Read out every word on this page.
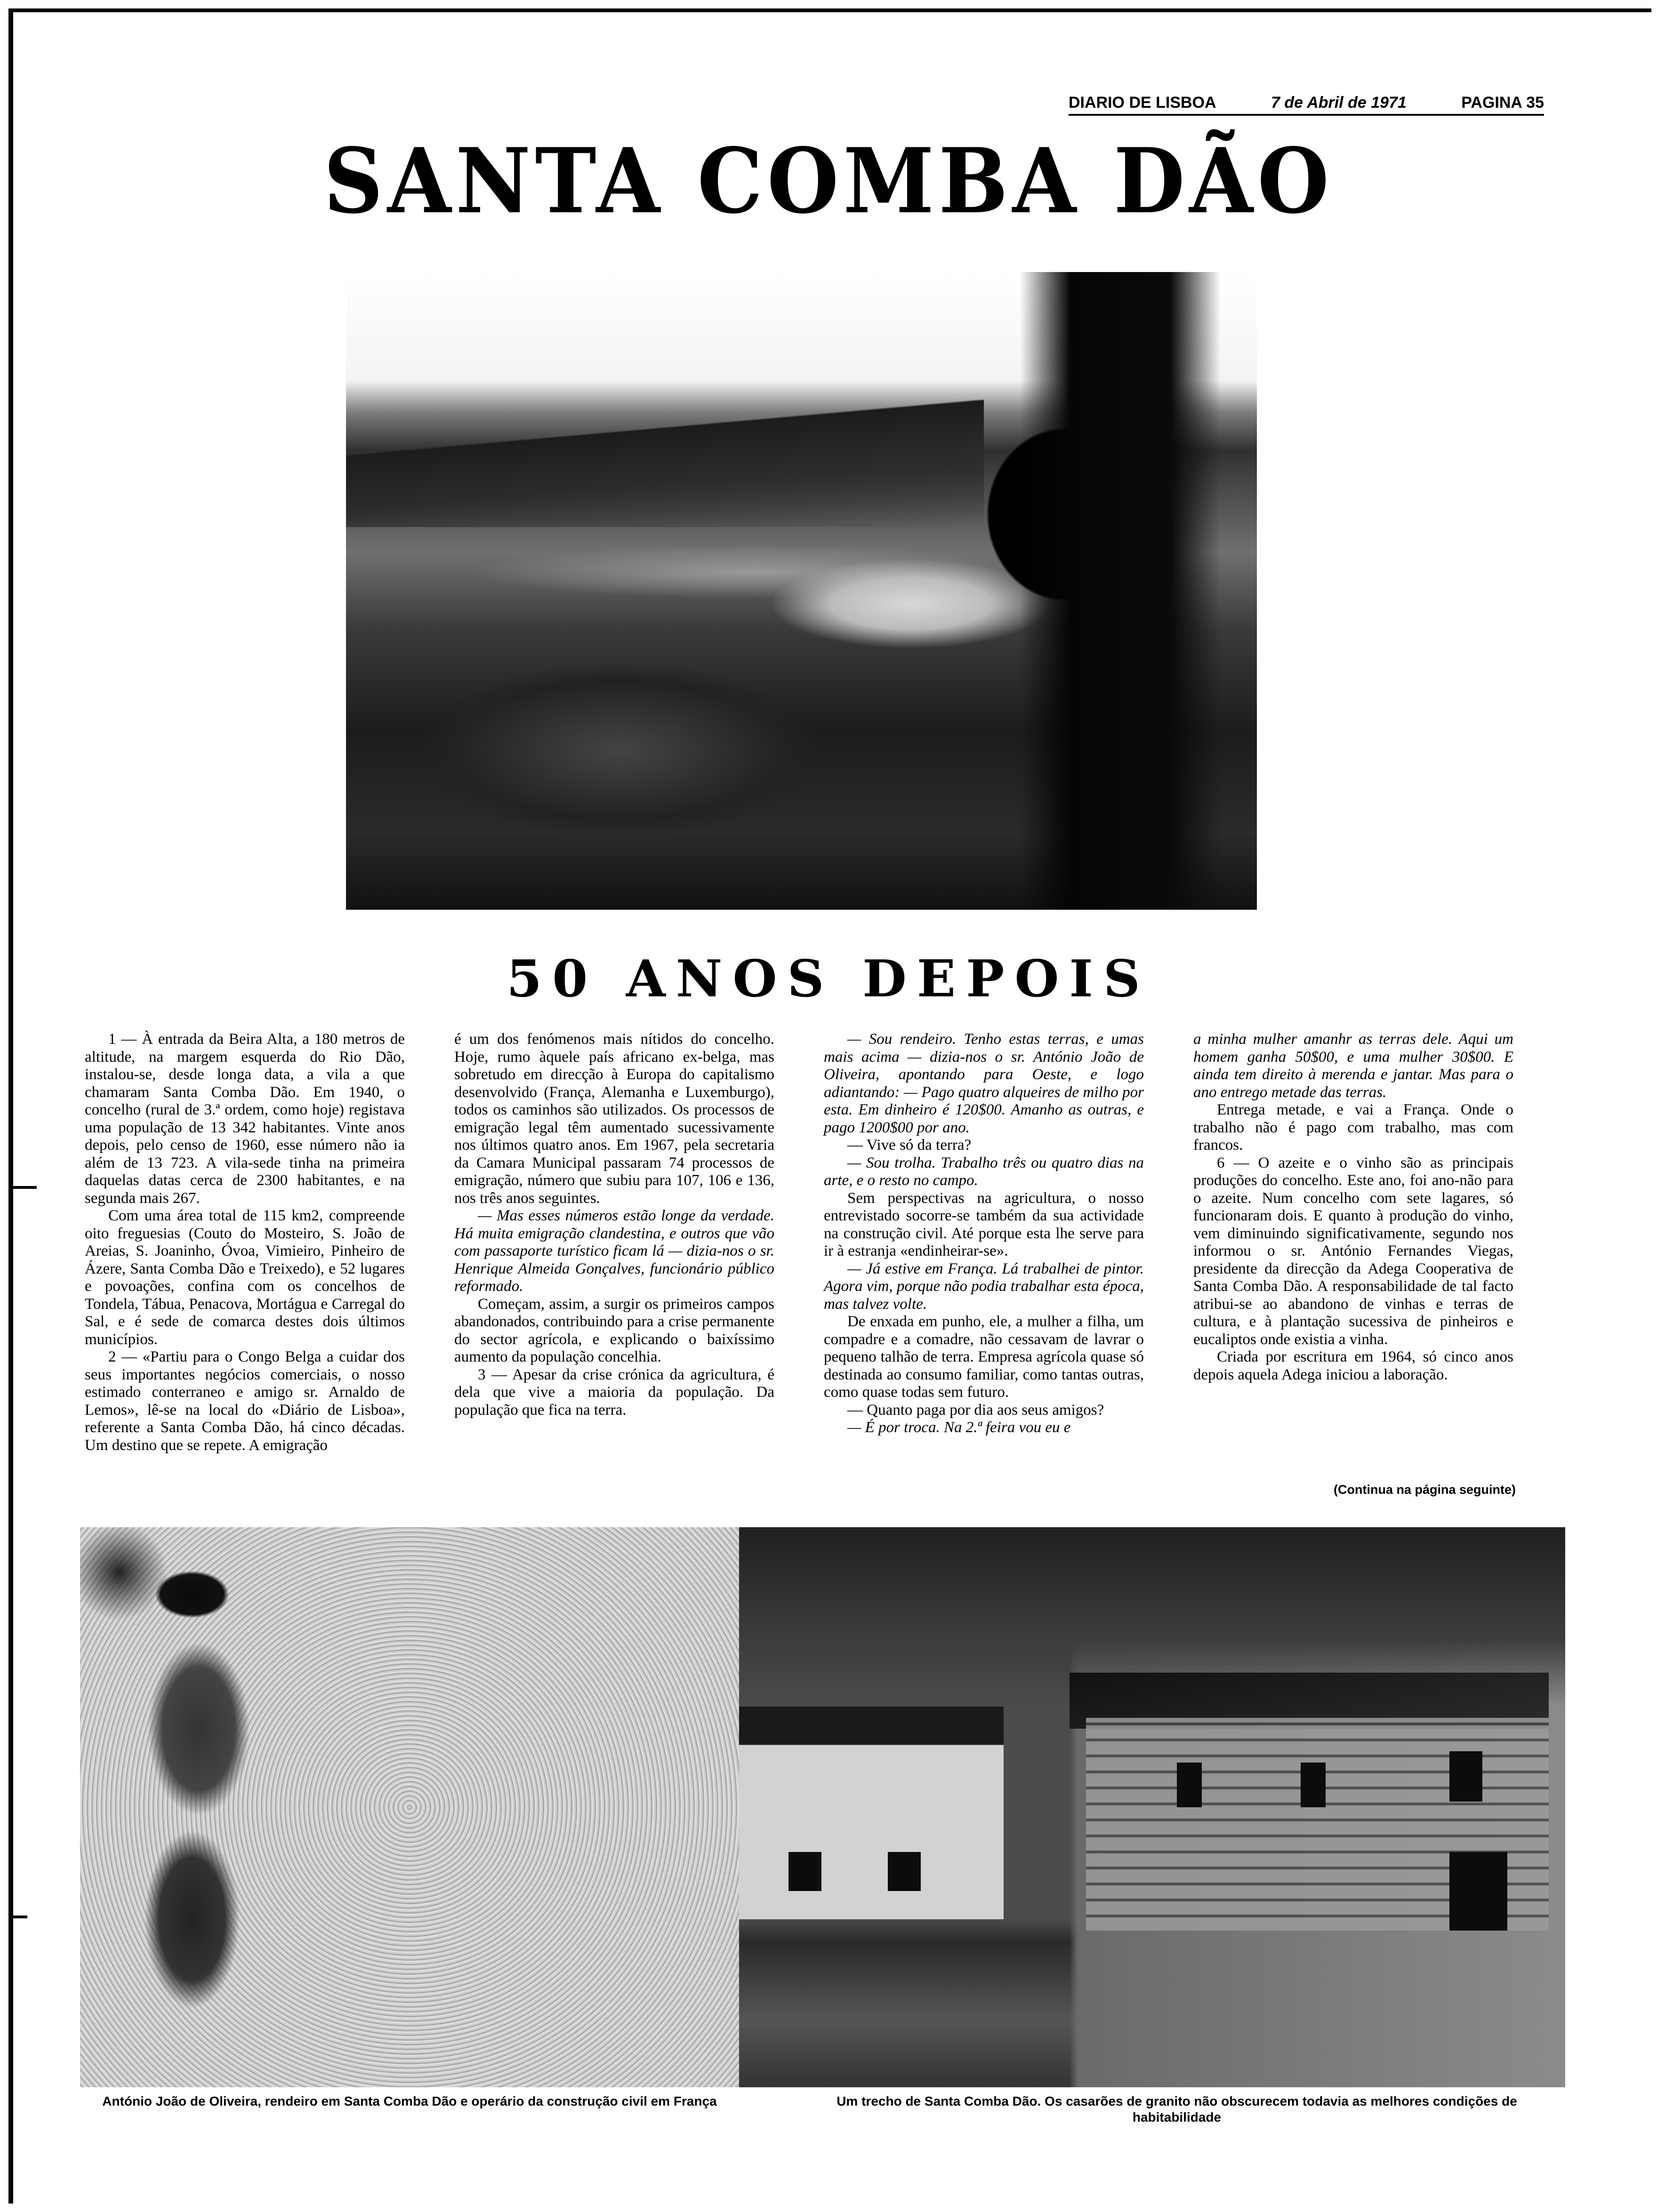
DIARIO DE LISBOA	7 de Abril de 1971	PAGINA 35
SANTA COMBA DÃO
50 ANOS DEPOIS

1 — À entrada da Beira Alta, a 180 metros de altitude, na margem esquerda do Rio Dão, instalou-se, desde longa data, a vila a que chamaram Santa Comba Dão. Em 1940, o concelho (rural de 3.ª ordem, como hoje) registava uma população de 13 342 habitantes. Vinte anos depois, pelo censo de 1960, esse número não ia além de 13 723. A vila-sede tinha na primeira daquelas datas cerca de 2300 habitantes, e na segunda mais 267.

Com uma área total de 115 km2, compreende oito freguesias (Couto do Mosteiro, S. João de Areias, S. Joaninho, Óvoa, Vimieiro, Pinheiro de Ázere, Santa Comba Dão e Treixedo), e 52 lugares e povoações, confina com os concelhos de Tondela, Tábua, Penacova, Mortágua e Carregal do Sal, e é sede de comarca destes dois últimos municípios.

2 — «Partiu para o Congo Belga a cuidar dos seus importantes negócios comerciais, o nosso estimado conterraneo e amigo sr. Arnaldo de Lemos», lê-se na local do «Diário de Lisboa», referente a Santa Comba Dão, há cinco décadas. Um destino que se repete. A emigração

é um dos fenómenos mais nítidos do concelho. Hoje, rumo àquele país africano ex-belga, mas sobretudo em direcção à Europa do capitalismo desenvolvido (França, Alemanha e Luxemburgo), todos os caminhos são utilizados. Os processos de emigração legal têm aumentado sucessivamente nos últimos quatro anos. Em 1967, pela secretaria da Camara Municipal passaram 74 processos de emigração, número que subiu para 107, 106 e 136, nos três anos seguintes.

— Mas esses números estão longe da verdade. Há muita emigração clandestina, e outros que vão com passaporte turístico ficam lá — dizia-nos o sr. Henrique Almeida Gonçalves, funcionário público reformado.

Começam, assim, a surgir os primeiros campos abandonados, contribuindo para a crise permanente do sector agrícola, e explicando o baixíssimo aumento da população concelhia.

3 — Apesar da crise crónica da agricultura, é dela que vive a maioria da população. Da população que fica na terra.

— Sou rendeiro. Tenho estas terras, e umas mais acima — dizia-nos o sr. António João de Oliveira, apontando para Oeste, e logo adiantando: — Pago quatro alqueires de milho por esta. Em dinheiro é 120$00. Amanho as outras, e pago 1200$00 por ano.

— Vive só da terra?

— Sou trolha. Trabalho três ou quatro dias na arte, e o resto no campo.

Sem perspectivas na agricultura, o nosso entrevistado socorre-se também da sua actividade na construção civil. Até porque esta lhe serve para ir à estranja «endinheirar-se».

— Já estive em França. Lá trabalhei de pintor. Agora vim, porque não podia trabalhar esta época, mas talvez volte.

De enxada em punho, ele, a mulher a filha, um compadre e a comadre, não cessavam de lavrar o pequeno talhão de terra. Empresa agrícola quase só destinada ao consumo familiar, como tantas outras, como quase todas sem futuro.

— Quanto paga por dia aos seus amigos?

— É por troca. Na 2.ª feira vou eu e

a minha mulher amanhr as terras dele. Aqui um homem ganha 50$00, e uma mulher 30$00. E ainda tem direito à merenda e jantar. Mas para o ano entrego metade das terras.

Entrega metade, e vai a França. Onde o trabalho não é pago com trabalho, mas com francos.

6 — O azeite e o vinho são as principais produções do concelho. Este ano, foi ano-não para o azeite. Num concelho com sete lagares, só funcionaram dois. E quanto à produção do vinho, vem diminuindo significativamente, segundo nos informou o sr. António Fernandes Viegas, presidente da direcção da Adega Cooperativa de Santa Comba Dão. A responsabilidade de tal facto atribui-se ao abandono de vinhas e terras de cultura, e à plantação sucessiva de pinheiros e eucaliptos onde existia a vinha.

Criada por escritura em 1964, só cinco anos depois aquela Adega iniciou a laboração.

(Continua na página seguinte)
António João de Oliveira, rendeiro em Santa Comba Dão e operário da construção civil em França	Um trecho de Santa Comba Dão. Os casarões de granito não obscurecem todavia as melhores condições de habitabilidade
